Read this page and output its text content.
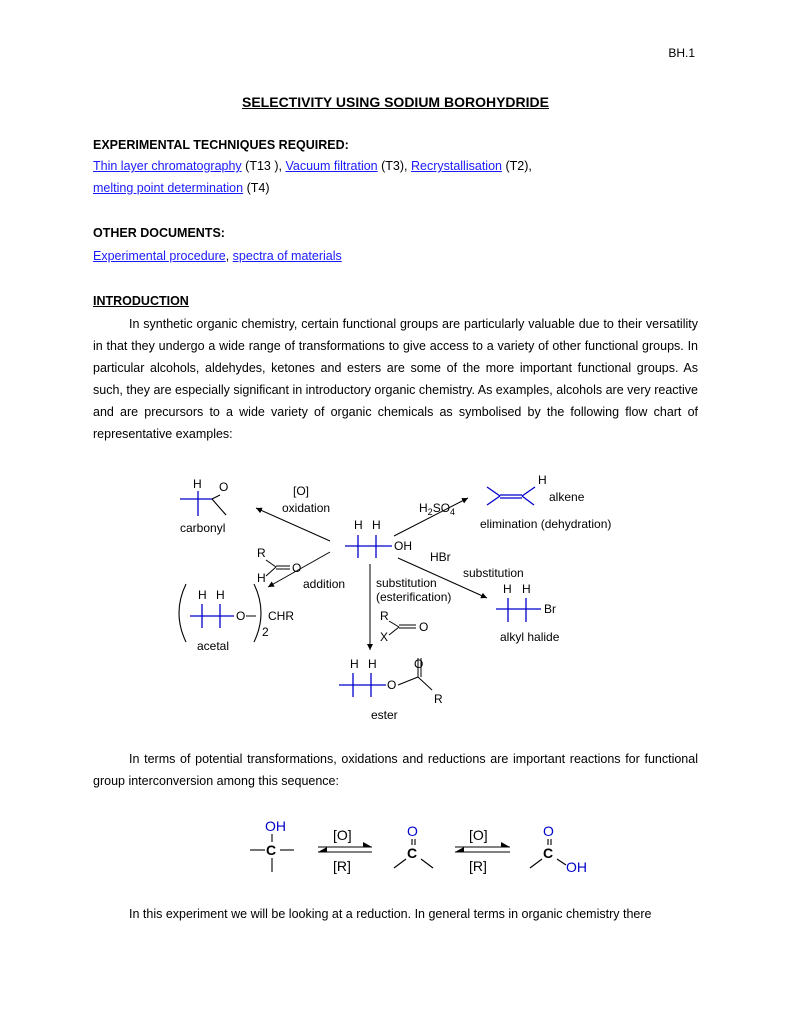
BH.1
SELECTIVITY USING SODIUM BOROHYDRIDE
EXPERIMENTAL TECHNIQUES REQUIRED:
Thin layer chromatography (T13 ), Vacuum filtration (T3), Recrystallisation (T2),
melting point determination (T4)
OTHER DOCUMENTS:
Experimental procedure, spectra of materials
INTRODUCTION

In synthetic organic chemistry, certain functional groups are particularly valuable due to their versatility in that they undergo a wide range of transformations to give access to a variety of other functional groups. In particular alcohols, aldehydes, ketones and esters are some of the more important functional groups. As such, they are especially significant in introductory organic chemistry. As examples, alcohols are very reactive and are precursors to a wide variety of organic chemicals as symbolised by the following flow chart of representative examples:

H O
carbonyl
[O]
oxidation
H H
OH
$H_2SO_4$
H
alkene
elimination (dehydration)
HBr
substitution
H H
Br
alkyl halide
R
H
O
addition
H H
O CHR
2
acetal
substitution
(esterification)
R
X
O
H H
O
O
R
ester

In terms of potential transformations, oxidations and reductions are important reactions for functional group interconversion among this sequence:

OH
C
[O]
[R]
O
C
[O]
[R]
O
C
OH

In this experiment we will be looking at a reduction. In general terms in organic chemistry there
